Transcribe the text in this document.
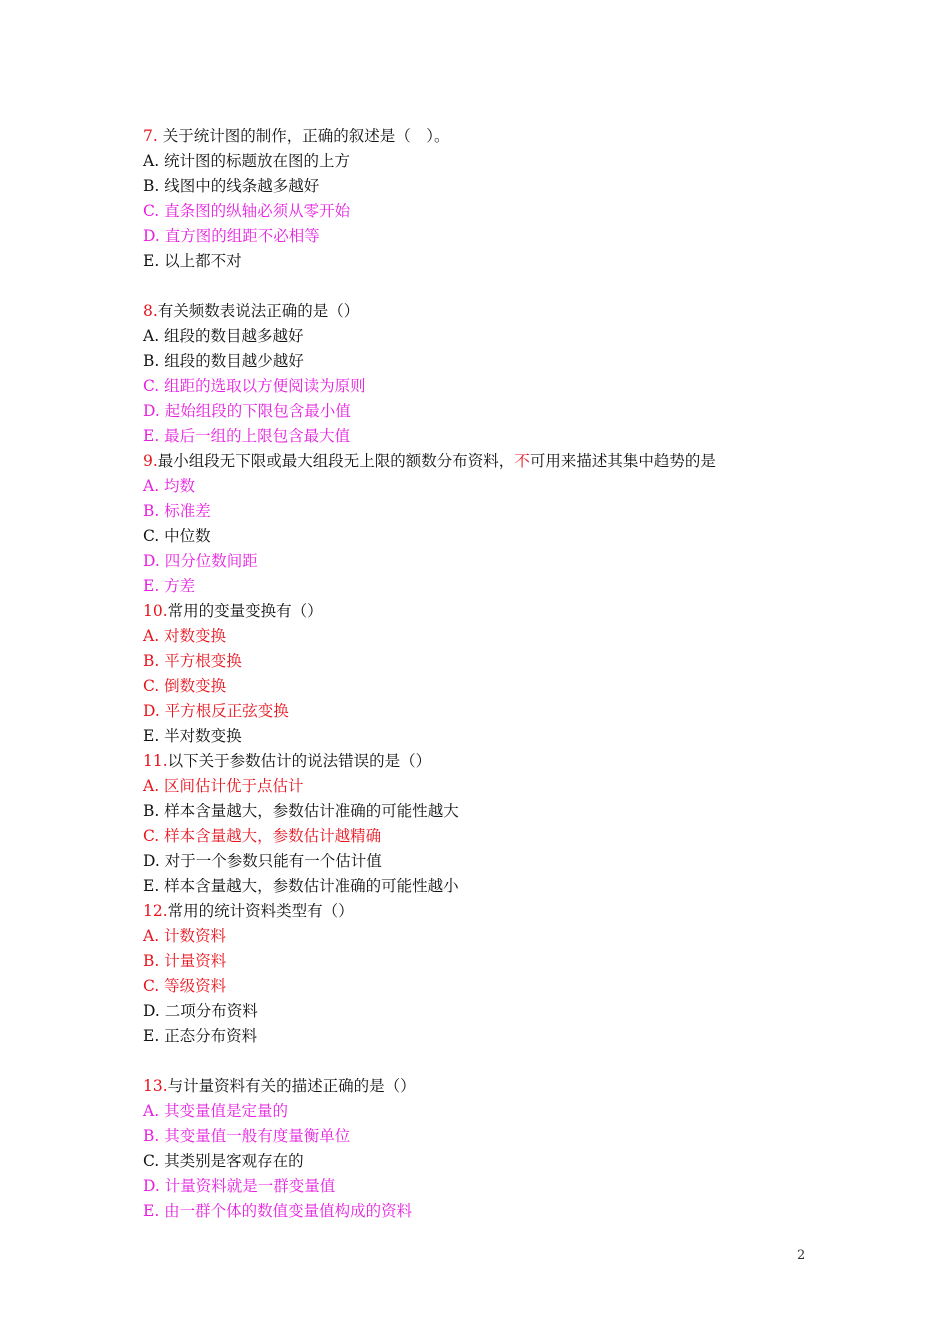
7. 关于统计图的制作，正确的叙述是（　）。
A. 统计图的标题放在图的上方
B. 线图中的线条越多越好
C. 直条图的纵轴必须从零开始
D. 直方图的组距不必相等
E. 以上都不对
8.有关频数表说法正确的是（）
A. 组段的数目越多越好
B. 组段的数目越少越好
C. 组距的选取以方便阅读为原则
D. 起始组段的下限包含最小值
E. 最后一组的上限包含最大值
9.最小组段无下限或最大组段无上限的额数分布资料，不可用来描述其集中趋势的是
A. 均数
B. 标准差
C. 中位数
D. 四分位数间距
E. 方差
10.常用的变量变换有（）
A. 对数变换
B. 平方根变换
C. 倒数变换
D. 平方根反正弦变换
E. 半对数变换
11.以下关于参数估计的说法错误的是（）
A. 区间估计优于点估计
B. 样本含量越大，参数估计准确的可能性越大
C. 样本含量越大，参数估计越精确
D. 对于一个参数只能有一个估计值
E. 样本含量越大，参数估计准确的可能性越小
12.常用的统计资料类型有（）
A. 计数资料
B. 计量资料
C. 等级资料
D. 二项分布资料
E. 正态分布资料
13.与计量资料有关的描述正确的是（）
A. 其变量值是定量的
B. 其变量值一般有度量衡单位
C. 其类别是客观存在的
D. 计量资料就是一群变量值
E. 由一群个体的数值变量值构成的资料
2
